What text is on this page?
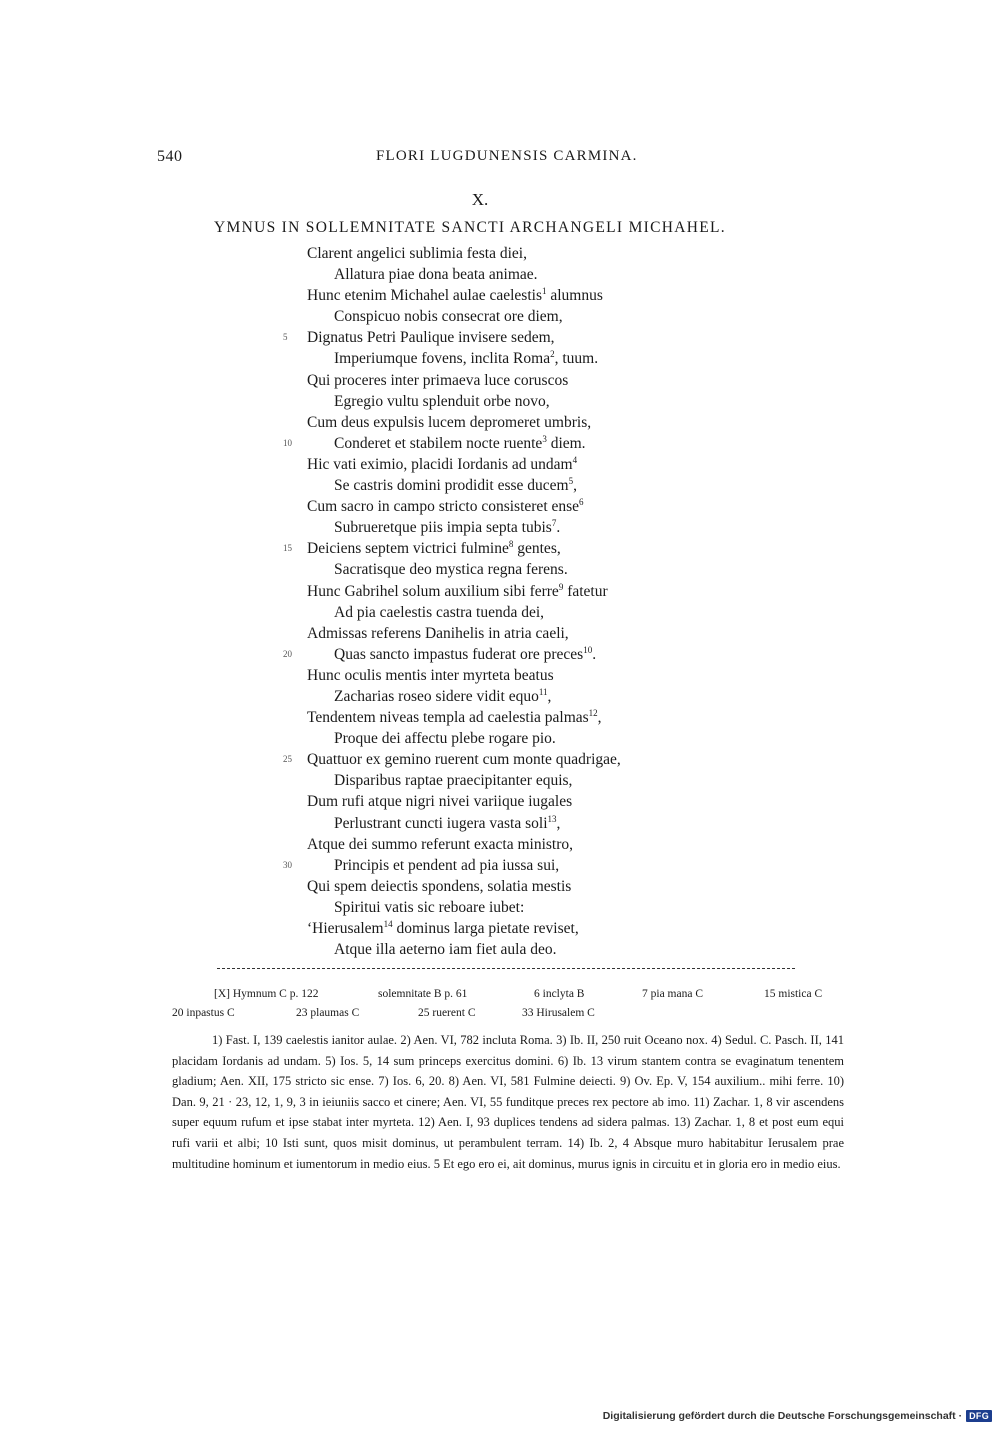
540	FLORI LUGDUNENSIS CARMINA.
X.
YMNUS IN SOLLEMNITATE SANCTI ARCHANGELI MICHAHEL.
Clarent angelici sublimia festa diei,
Allatura piae dona beata animae.
Hunc etenim Michahel aulae caelestis$^1$ alumnus
Conspicuo nobis consecrat ore diem,
5 Dignatus Petri Paulique invisere sedem,
Imperiumque fovens, inclita Roma$^2$, tuum.
Qui proceres inter primaeva luce coruscos
Egregio vultu splenduit orbe novo,
Cum deus expulsis lucem depromeret umbris,
10	Conderet et stabilem nocte ruente$^3$ diem.
Hic vati eximio, placidi Iordanis ad undam$^4$
Se castris domini prodidit esse ducem$^5$,
Cum sacro in campo stricto consisteret ense$^6$
Subrueretque piis impia septa tubis$^7$.
15 Deiciens septem victrici fulmine$^8$ gentes,
Sacratisque deo mystica regna ferens.
Hunc Gabrihel solum auxilium sibi ferre$^9$ fatetur
Ad pia caelestis castra tuenda dei,
Admissas referens Danihelis in atria caeli,
20	Quas sancto impastus fuderat ore preces$^{10}$.
Hunc oculis mentis inter myrteta beatus
Zacharias roseo sidere vidit equo$^{11}$,
Tendentem niveas templa ad caelestia palmas$^{12}$,
Proque dei affectu plebe rogare pio.
25 Quattuor ex gemino ruerent cum monte quadrigae,
Disparibus raptae praecipitanter equis,
Dum rufi atque nigri nivei variique iugales
Perlustrant cuncti iugera vasta soli$^{13}$,
Atque dei summo referunt exacta ministro,
30	Principis et pendent ad pia iussa sui,
Qui spem deiectis spondens, solatia mestis
Spiritui vatis sic reboare iubet:
‘Hierusalem$^{14}$ dominus larga pietate reviset,
Atque illa aeterno iam fiet aula deo.
[X] Hymnum C p. 122	solemnitate B p. 61	6 inclyta B	7 pia mana C	15 mistica C
20 inpastus C	23 plaumas C	25 ruerent C	33 Hirusalem C

1) Fast. I, 139 caelestis ianitor aulae. 2) Aen. VI, 782 incluta Roma. 3) Ib. II, 250 ruit Oceano nox. 4) Sedul. C. Pasch. II, 141 placidam Iordanis ad undam. 5) Ios. 5, 14 sum princeps exercitus domini. 6) Ib. 13 virum stantem contra se evaginatum tenentem gladium; Aen. XII, 175 stricto sic ense. 7) Ios. 6, 20. 8) Aen. VI, 581 Fulmine deiecti. 9) Ov. Ep. V, 154 auxilium.. mihi ferre. 10) Dan. 9, 21 · 23, 12, 1, 9, 3 in ieiuniis sacco et cinere; Aen. VI, 55 funditque preces rex pectore ab imo. 11) Zachar. 1, 8 vir ascendens super equum rufum et ipse stabat inter myrteta. 12) Aen. I, 93 duplices tendens ad sidera palmas. 13) Zachar. 1, 8 et post eum equi rufi varii et albi; 10 Isti sunt, quos misit dominus, ut perambulent terram. 14) Ib. 2, 4 Absque muro habitabitur Ierusalem prae multitudine hominum et iumentorum in medio eius. 5 Et ego ero ei, ait dominus, murus ignis in circuitu et in gloria ero in medio eius.

Digitalisierung gefördert durch die Deutsche Forschungsgemeinschaft · DFG
